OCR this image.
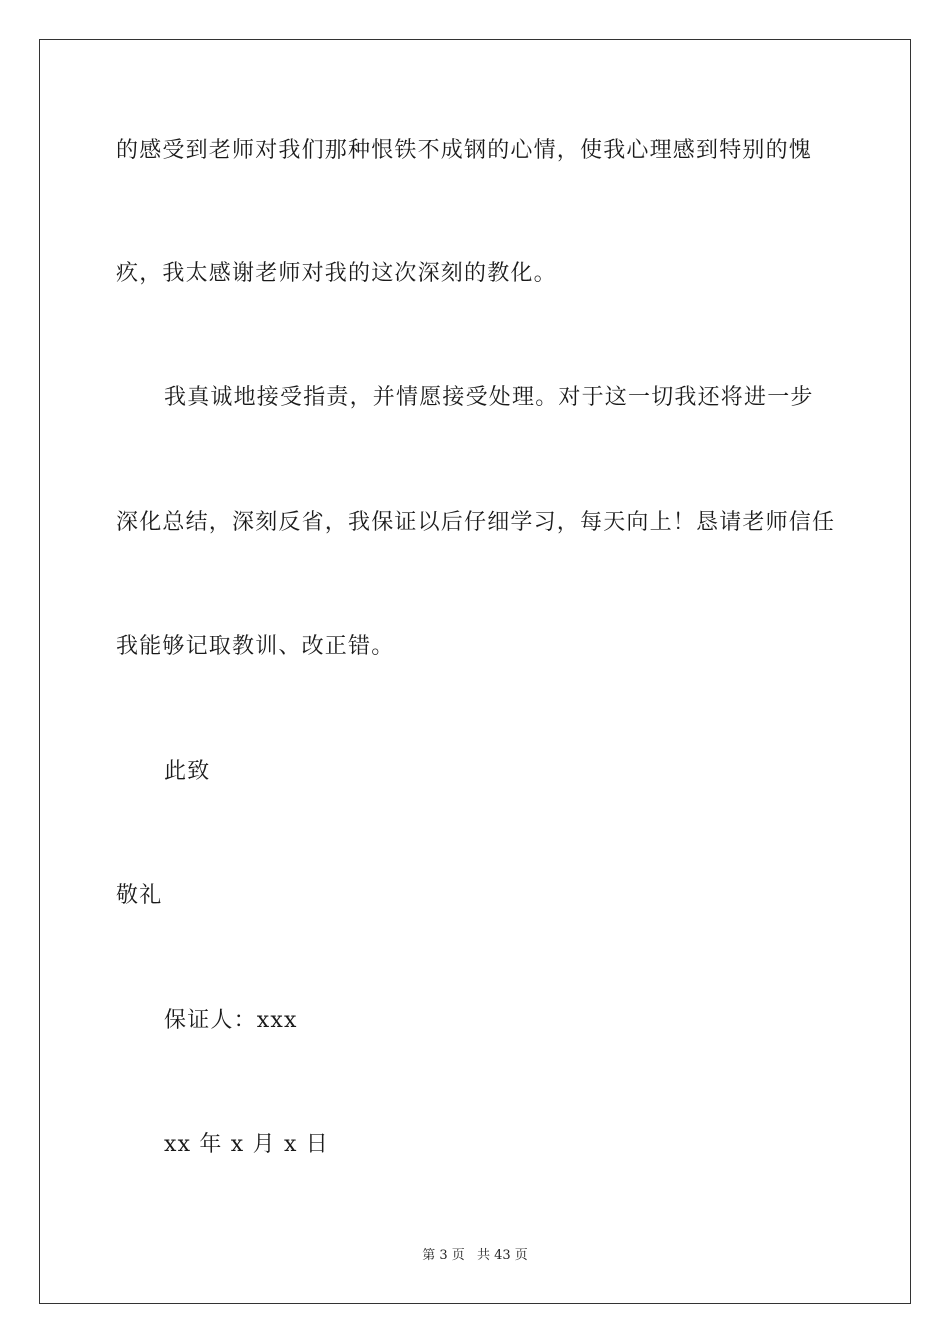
的感受到老师对我们那种恨铁不成钢的心情，使我心理感到特别的愧
疚，我太感谢老师对我的这次深刻的教化。
我真诚地接受指责，并情愿接受处理。对于这一切我还将进一步
深化总结，深刻反省，我保证以后仔细学习，每天向上！恳请老师信任
我能够记取教训、改正错。
此致
敬礼
保证人：xxx
xx 年 x 月 x 日
第 3 页 共 43 页
